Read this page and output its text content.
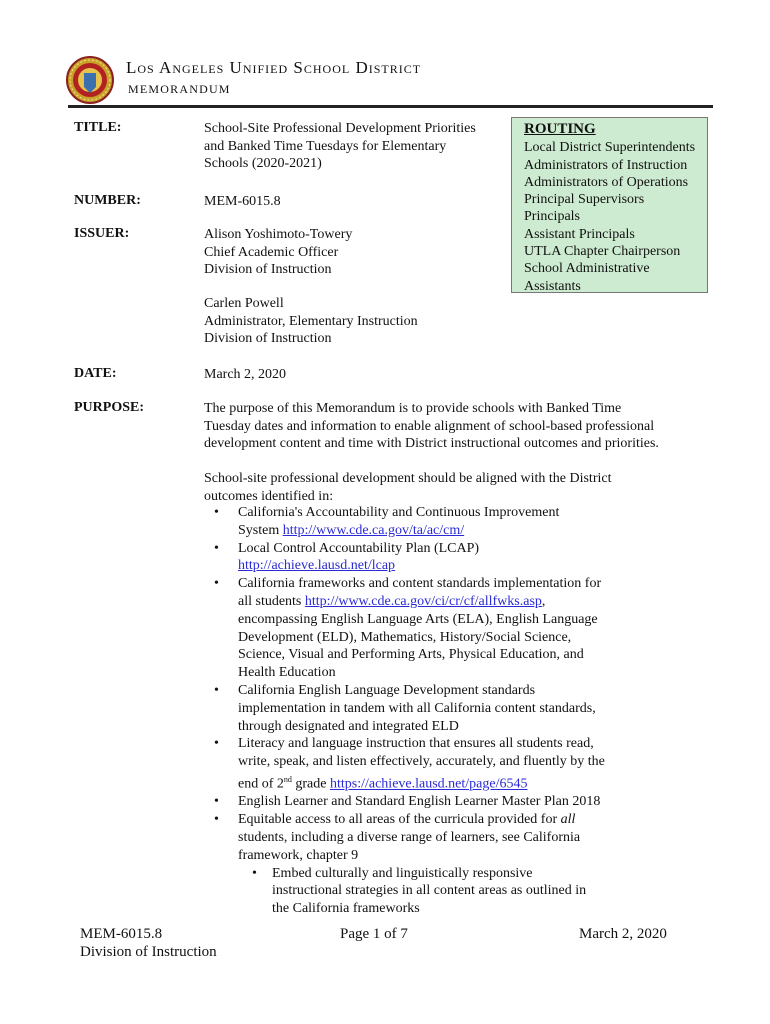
Los Angeles Unified School District
MEMORANDUM
TITLE:	School-Site Professional Development Priorities
and Banked Time Tuesdays for Elementary
Schools (2020-2021)
ROUTING
Local District Superintendents
Administrators of Instruction
Administrators of Operations
Principal Supervisors
Principals
Assistant Principals
UTLA Chapter Chairperson
School Administrative
Assistants
NUMBER:	MEM-6015.8
ISSUER:	Alison Yoshimoto-Towery
Chief Academic Officer
Division of Instruction
Carlen Powell
Administrator, Elementary Instruction
Division of Instruction
DATE:	March 2, 2020
PURPOSE:	The purpose of this Memorandum is to provide schools with Banked Time
Tuesday dates and information to enable alignment of school-based professional
development content and time with District instructional outcomes and priorities.
School-site professional development should be aligned with the District
outcomes identified in:
• California's Accountability and Continuous Improvement
System http://www.cde.ca.gov/ta/ac/cm/
• Local Control Accountability Plan (LCAP)
http://achieve.lausd.net/lcap
• California frameworks and content standards implementation for
all students http://www.cde.ca.gov/ci/cr/cf/allfwks.asp,
encompassing English Language Arts (ELA), English Language
Development (ELD), Mathematics, History/Social Science,
Science, Visual and Performing Arts, Physical Education, and
Health Education
• California English Language Development standards
implementation in tandem with all California content standards,
through designated and integrated ELD
• Literacy and language instruction that ensures all students read,
write, speak, and listen effectively, accurately, and fluently by the
end of 2nd grade https://achieve.lausd.net/page/6545
• English Learner and Standard English Learner Master Plan 2018
• Equitable access to all areas of the curricula provided for all
students, including a diverse range of learners, see California
framework, chapter 9
• Embed culturally and linguistically responsive
instructional strategies in all content areas as outlined in
the California frameworks
MEM-6015.8
Division of Instruction
Page 1 of 7	March 2, 2020
